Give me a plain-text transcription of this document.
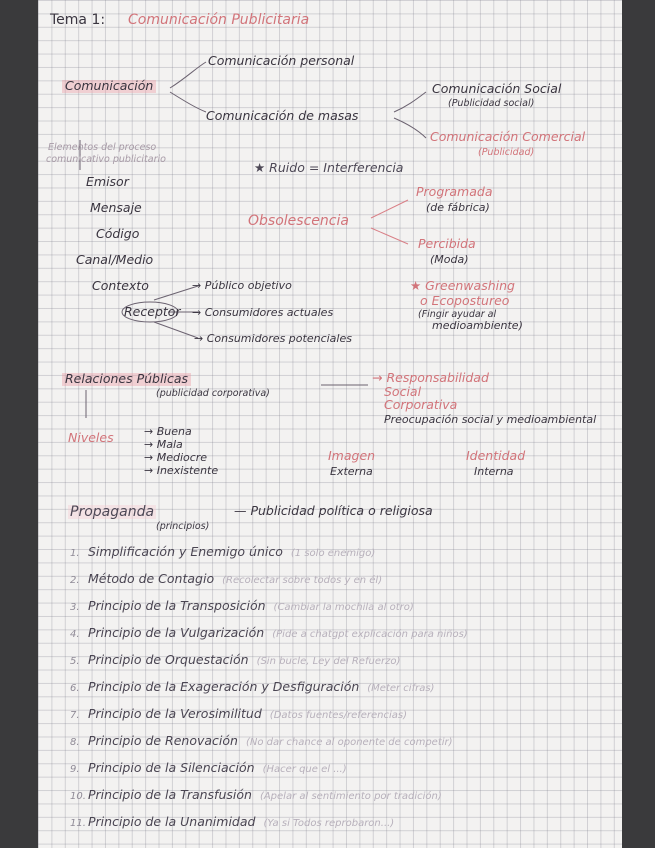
Tema 1: Comunicación Publicitaria
Comunicación
Comunicación personal
Comunicación de masas
Comunicación Social
(Publicidad social)
Comunicación Comercial
(Publicidad)
Elementos del proceso
comunicativo publicitario
Emisor
Mensaje
Código
Canal/Medio
Contexto
Receptor
★ Ruido = Interferencia
Obsolescencia
Programada
(de fábrica)
Percibida
(Moda)
→ Público objetivo
→ Consumidores actuales
→ Consumidores potenciales
★ Greenwashing
o Ecopostureo
(Fingir ayudar al
medioambiente)
Relaciones Públicas
(publicidad corporativa)
→ Responsabilidad
Social
Corporativa
Preocupación social y medioambiental
Niveles	→ Buena
→ Mala
→ Mediocre
→ Inexistente
Imagen
Externa
Identidad
Interna
Propaganda
(principios)
— Publicidad política o religiosa
1. Simplificación y Enemigo único (1 solo enemigo)
2. Método de Contagio (Recolectar sobre todos y en él)
3. Principio de la Transposición (Cambiar la mochila al otro)
4. Principio de la Vulgarización (Pide a chatgpt explicación para niños)
5. Principio de Orquestación (Sin bucle, Ley del Refuerzo)
6. Principio de la Exageración y Desfiguración (Meter cifras)
7. Principio de la Verosimilitud (Datos fuentes/referencias)
8. Principio de Renovación (No dar chance al oponente de competir)
9. Principio de la Silenciación (Hacer que el ...)
10. Principio de la Transfusión (Apelar al sentimiento por tradición)
11. Principio de la Unanimidad (Ya si Todos reprobaron...)
